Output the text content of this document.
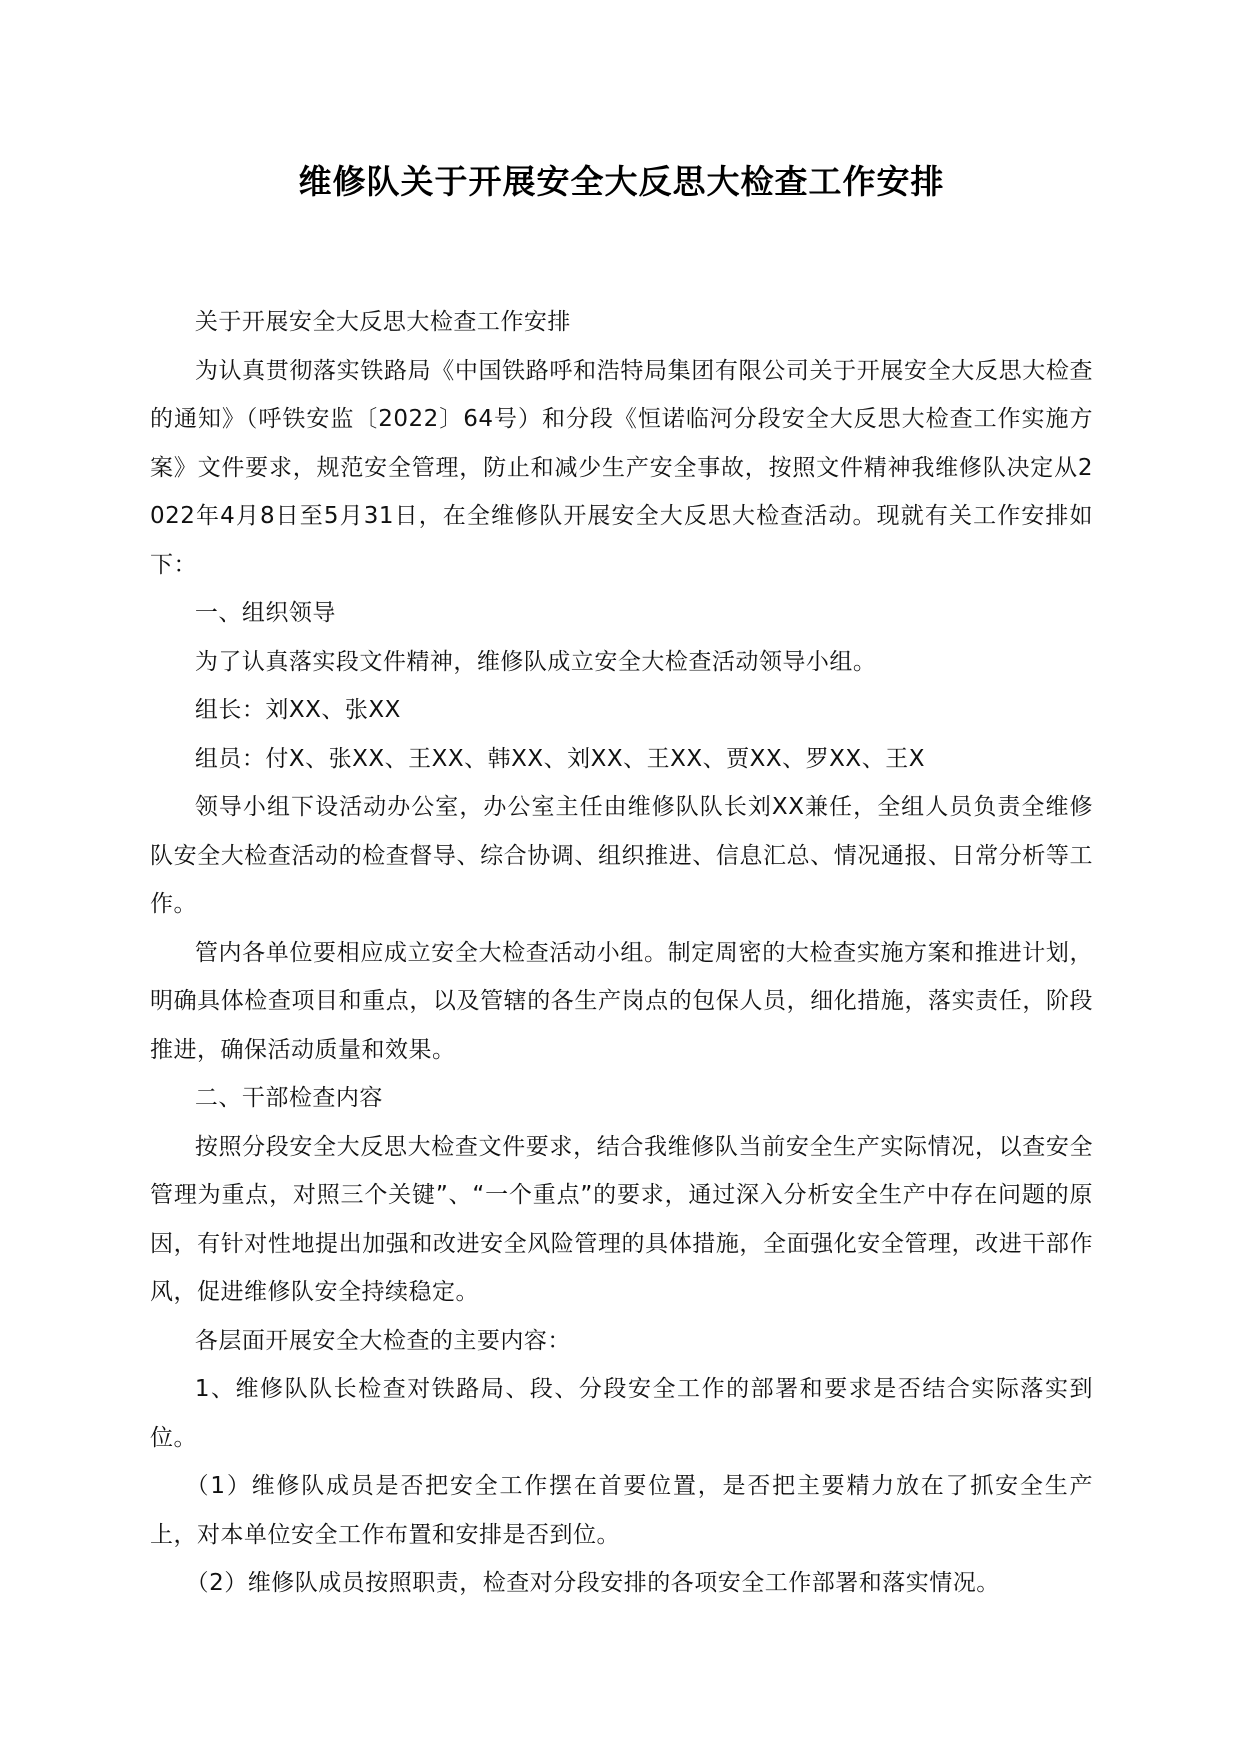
维修队关于开展安全大反思大检查工作安排

关于开展安全大反思大检查工作安排

为认真贯彻落实铁路局《中国铁路呼和浩特局集团有限公司关于开展安全大反思大检查的通知》（呼铁安监〔2022〕64号）和分段《恒诺临河分段安全大反思大检查工作实施方案》文件要求，规范安全管理，防止和减少生产安全事故，按照文件精神我维修队决定从2022年4月8日至5月31日，在全维修队开展安全大反思大检查活动。现就有关工作安排如下：

一、组织领导

为了认真落实段文件精神，维修队成立安全大检查活动领导小组。

组长：刘XX、张XX

组员：付X、张XX、王XX、韩XX、刘XX、王XX、贾XX、罗XX、王X

领导小组下设活动办公室，办公室主任由维修队队长刘XX兼任，全组人员负责全维修队安全大检查活动的检查督导、综合协调、组织推进、信息汇总、情况通报、日常分析等工作。

管内各单位要相应成立安全大检查活动小组。制定周密的大检查实施方案和推进计划，明确具体检查项目和重点，以及管辖的各生产岗点的包保人员，细化措施，落实责任，阶段推进，确保活动质量和效果。

二、干部检查内容

按照分段安全大反思大检查文件要求，结合我维修队当前安全生产实际情况，以查安全管理为重点，对照三个关键”、“一个重点”的要求，通过深入分析安全生产中存在问题的原因，有针对性地提出加强和改进安全风险管理的具体措施，全面强化安全管理，改进干部作风，促进维修队安全持续稳定。

各层面开展安全大检查的主要内容：

1、维修队队长检查对铁路局、段、分段安全工作的部署和要求是否结合实际落实到位。

（1）维修队成员是否把安全工作摆在首要位置，是否把主要精力放在了抓安全生产上，对本单位安全工作布置和安排是否到位。

（2）维修队成员按照职责，检查对分段安排的各项安全工作部署和落实情况。
